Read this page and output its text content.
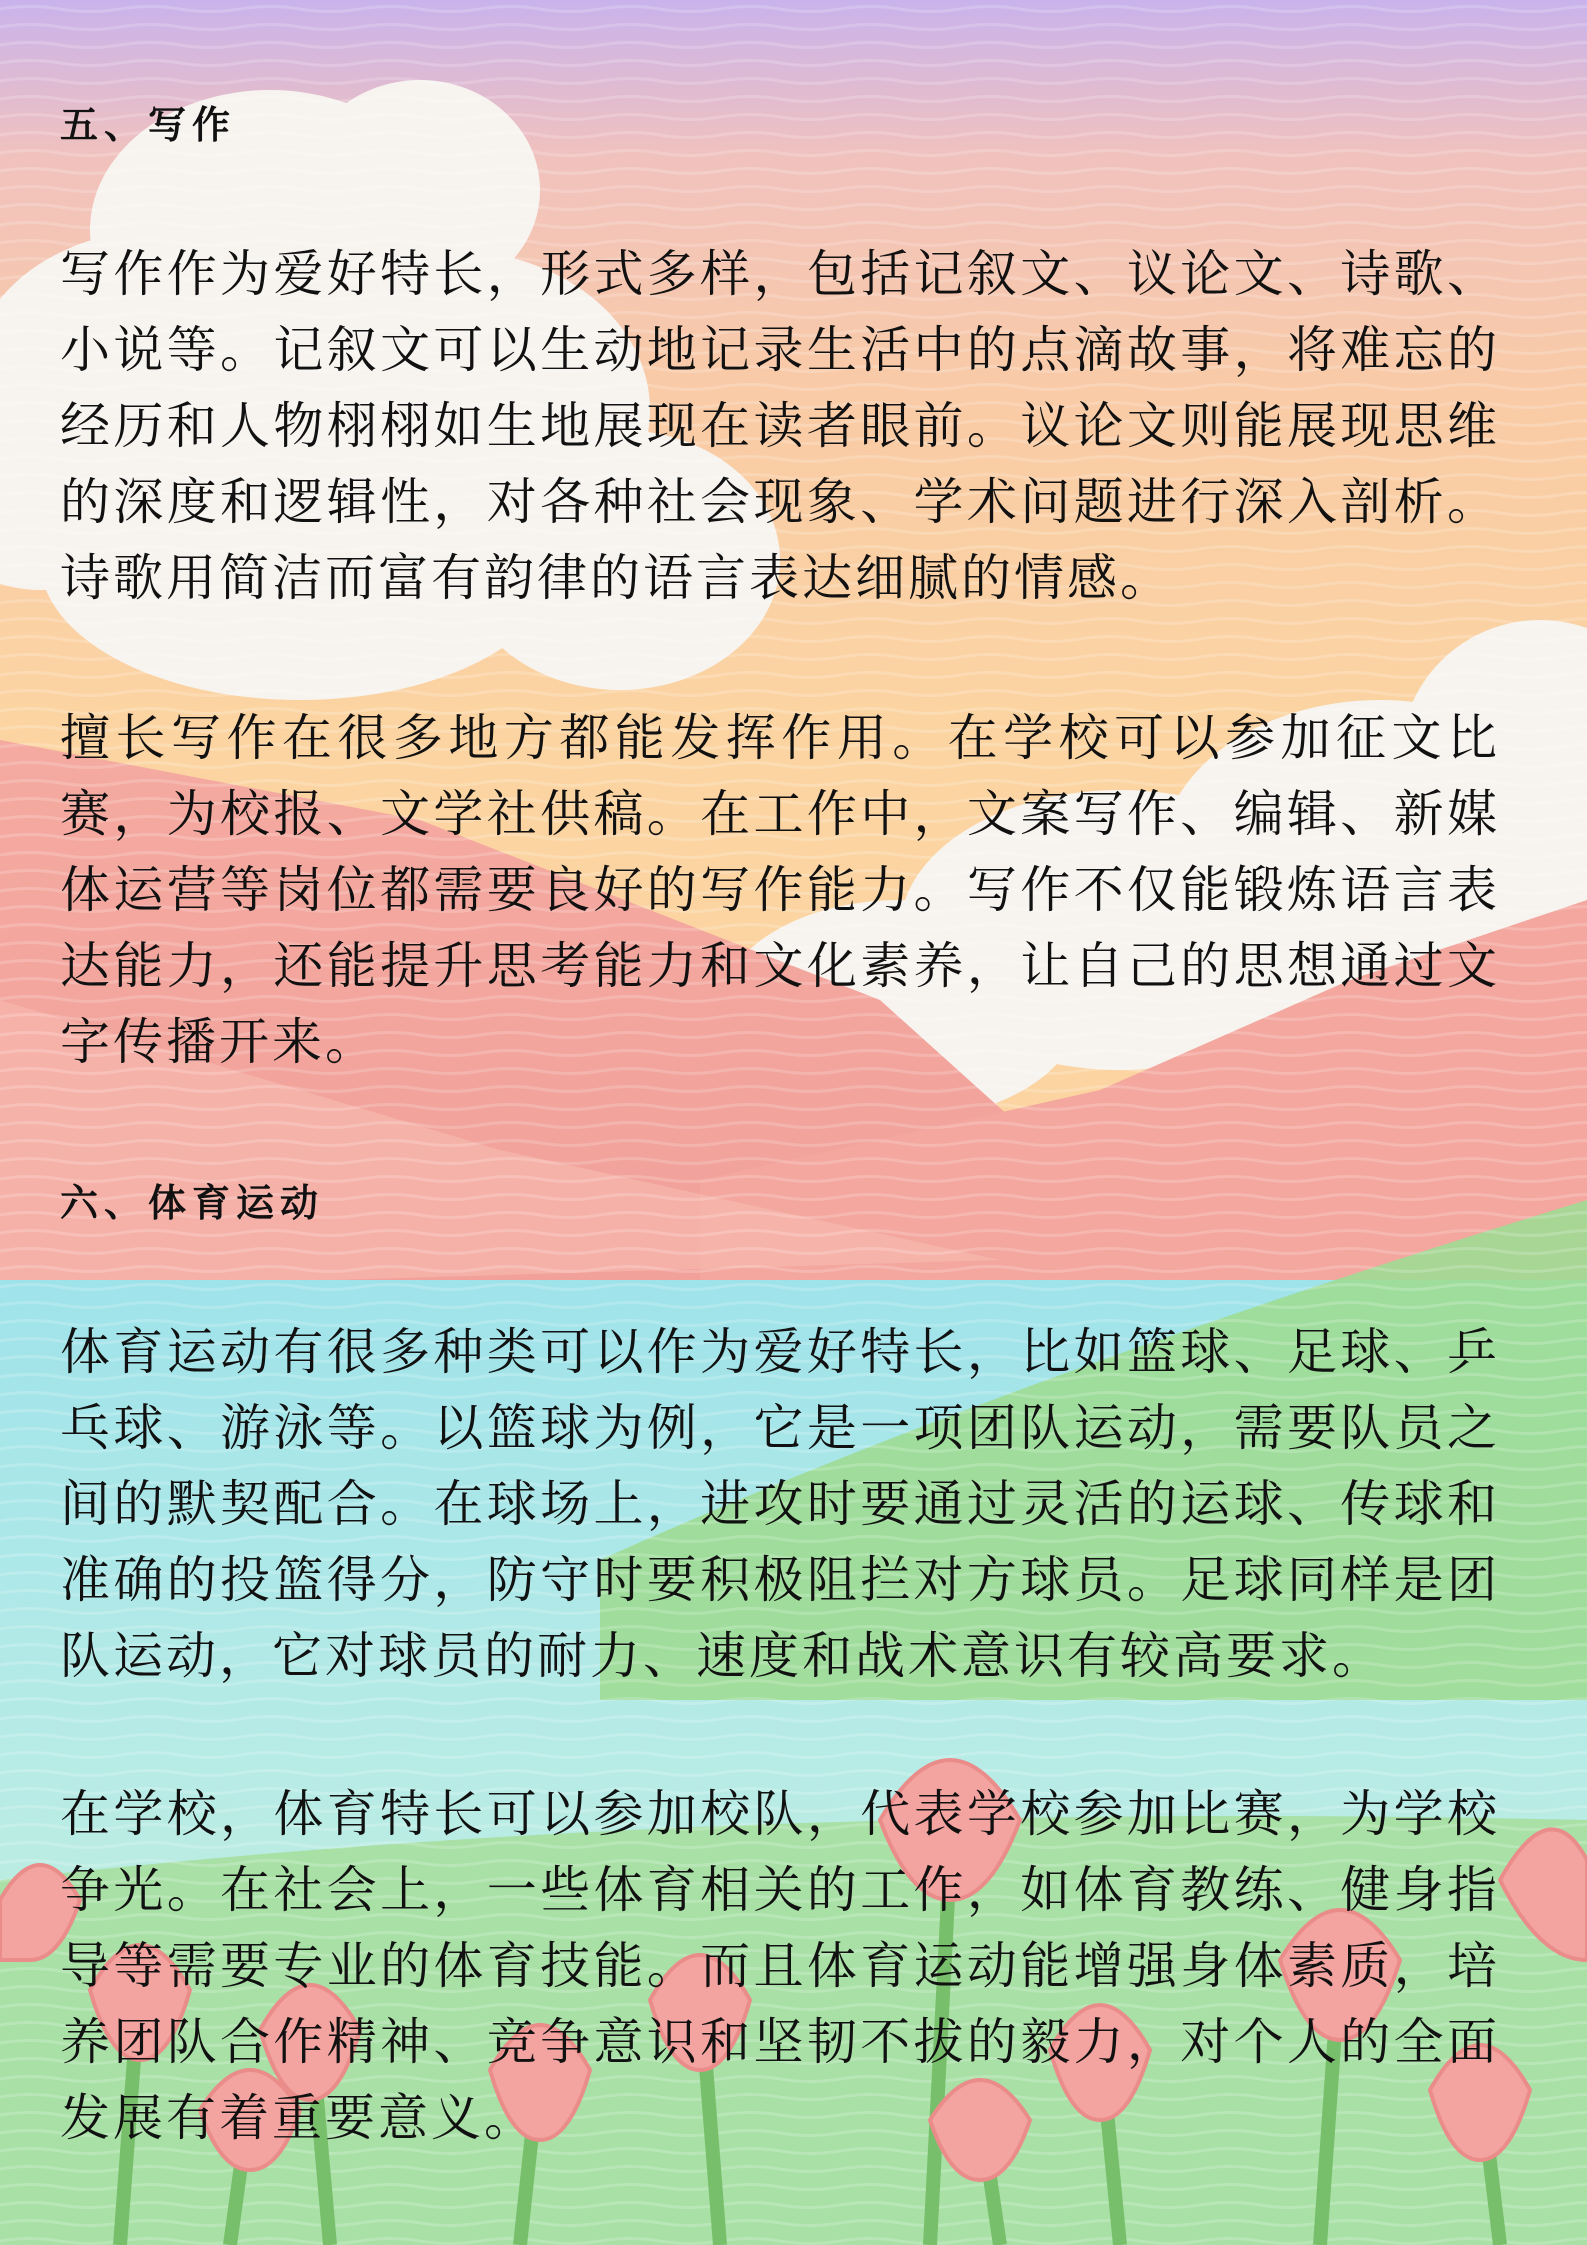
五、写作

写作作为爱好特长，形式多样，包括记叙文、议论文、诗歌、小说等。记叙文可以生动地记录生活中的点滴故事，将难忘的经历和人物栩栩如生地展现在读者眼前。议论文则能展现思维的深度和逻辑性，对各种社会现象、学术问题进行深入剖析。诗歌用简洁而富有韵律的语言表达细腻的情感。

擅长写作在很多地方都能发挥作用。在学校可以参加征文比赛，为校报、文学社供稿。在工作中，文案写作、编辑、新媒体运营等岗位都需要良好的写作能力。写作不仅能锻炼语言表达能力，还能提升思考能力和文化素养，让自己的思想通过文字传播开来。

六、体育运动

体育运动有很多种类可以作为爱好特长，比如篮球、足球、乒乓球、游泳等。以篮球为例，它是一项团队运动，需要队员之间的默契配合。在球场上，进攻时要通过灵活的运球、传球和准确的投篮得分，防守时要积极阻拦对方球员。足球同样是团队运动，它对球员的耐力、速度和战术意识有较高要求。

在学校，体育特长可以参加校队，代表学校参加比赛，为学校争光。在社会上，一些体育相关的工作，如体育教练、健身指导等需要专业的体育技能。而且体育运动能增强身体素质，培养团队合作精神、竞争意识和坚韧不拔的毅力，对个人的全面发展有着重要意义。
